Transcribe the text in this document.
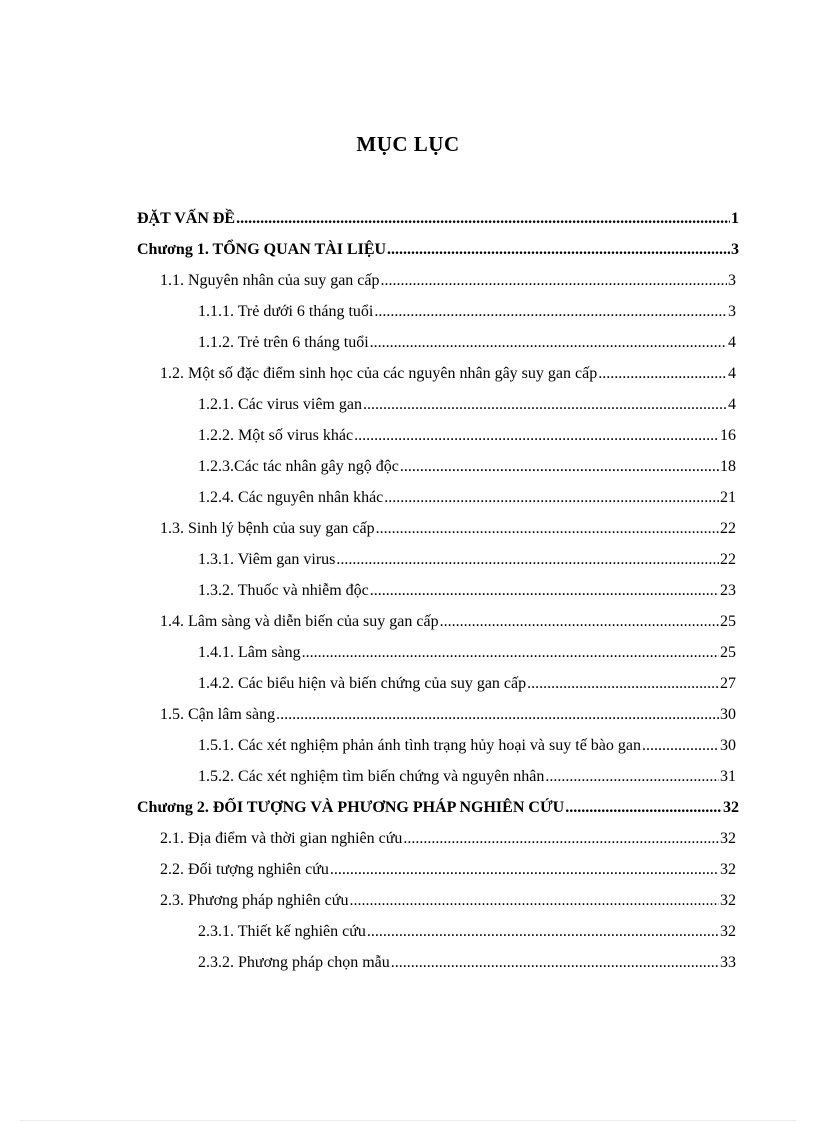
MỤC LỤC
ĐẶT VẤN ĐỀ .....	1
Chương 1. TỔNG QUAN TÀI LIỆU .....	3
1.1. Nguyên nhân của suy gan cấp .....	3
1.1.1. Trẻ dưới 6 tháng tuổi .....	3
1.1.2. Trẻ trên 6 tháng tuổi .....	4
1.2. Một số đặc điểm sinh học của các nguyên nhân gây suy gan cấp .....	4
1.2.1. Các virus viêm gan .....	4
1.2.2. Một số virus khác .....	16
1.2.3.Các tác nhân gây ngộ độc .....	18
1.2.4. Các nguyên nhân khác .....	21
1.3. Sinh lý bệnh của suy gan cấp .....	22
1.3.1. Viêm gan virus .....	22
1.3.2. Thuốc và nhiễm độc .....	23
1.4. Lâm sàng và diễn biến của suy gan cấp .....	25
1.4.1. Lâm sàng .....	25
1.4.2. Các biểu hiện và biến chứng của suy gan cấp .....	27
1.5. Cận lâm sàng .....	30
1.5.1. Các xét nghiệm phản ánh tình trạng hủy hoại và suy tế bào gan .....	30
1.5.2. Các xét nghiệm tìm biến chứng và nguyên nhân .....	31
Chương 2. ĐỐI TƯỢNG VÀ PHƯƠNG PHÁP NGHIÊN CỨU .....	32
2.1. Địa điểm và thời gian nghiên cứu .....	32
2.2. Đối tượng nghiên cứu .....	32
2.3. Phương pháp nghiên cứu .....	32
2.3.1. Thiết kế nghiên cứu .....	32
2.3.2. Phương pháp chọn mẫu .....	33
